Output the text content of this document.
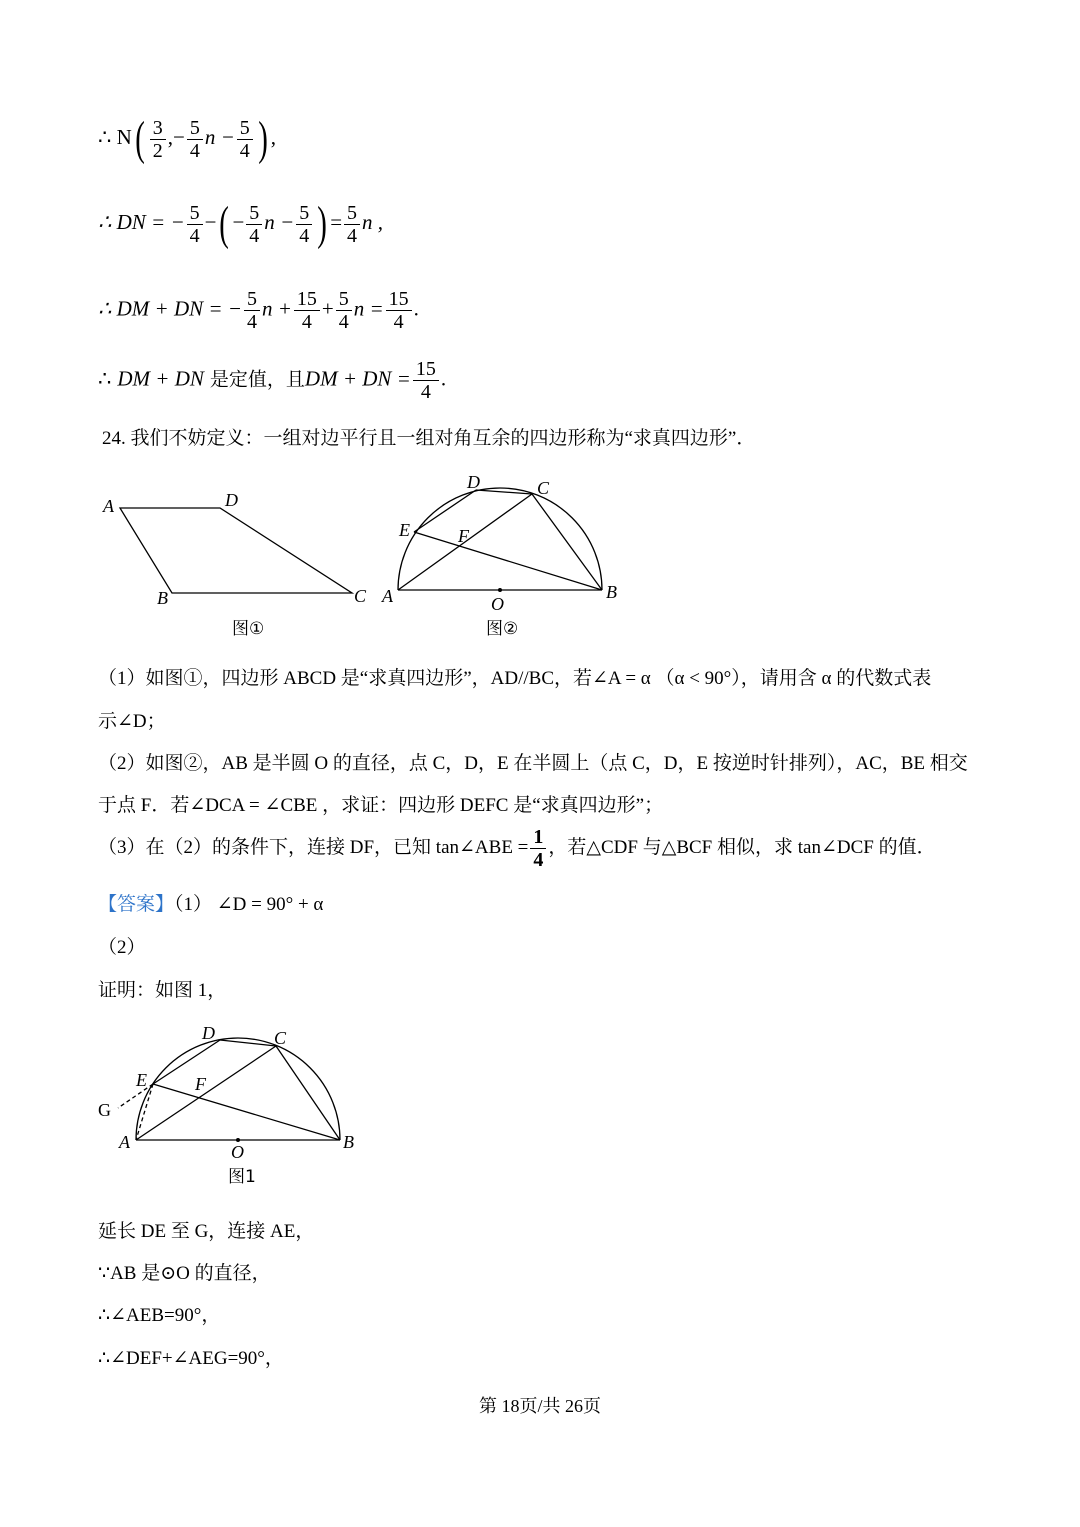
∴ $N( \frac{3}{2}$ ,− $\frac{5}{4}$ $n - \frac{5}{4}$ ) ,
∴ DN = − $\frac{5}{4}$ −( − $\frac{5}{4}$ $n - \frac{5}{4}$ ) = $\frac{5}{4}$ n ,
∴ DM + DN = − $\frac{5}{4}$ $n + \frac{15}{4} + \frac{5}{4}$ $n = \frac{15}{4}$ .
∴ DM + DN 是定值，且DM + DN = $\frac{15}{4}$ .
24. 我们不妨定义：一组对边平行且一组对角互余的四边形称为“求真四边形”．
A	D
B	C
图①
A	B
C
D
E	F
O
图②
（1）如图①，四边形 ABCD 是“求真四边形”，AD//BC，若∠A = α （α < 90°），请用含 α 的代数式表
示∠D；
（2）如图②，AB 是半圆 O 的直径，点 C，D，E 在半圆上（点 C，D，E 按逆时针排列），AC，BE 相交
于点 F．若∠DCA = ∠CBE ，求证：四边形 DEFC 是“求真四边形”；
（3）在（2）的条件下，连接 DF，已知 tan∠ABE = $\frac{1}{4}$ ，若△CDF 与△BCF 相似，求 tan∠DCF 的值．
【答案】（1） ∠D = 90° + α
（2）
证明：如图 1，
A	B
C
D
E
G
F
O
图1
延长 DE 至 G，连接 AE，
∵AB 是⊙O 的直径，
∴∠AEB=90°，
∴∠DEF+∠AEG=90°，
第 18页/共 26页
